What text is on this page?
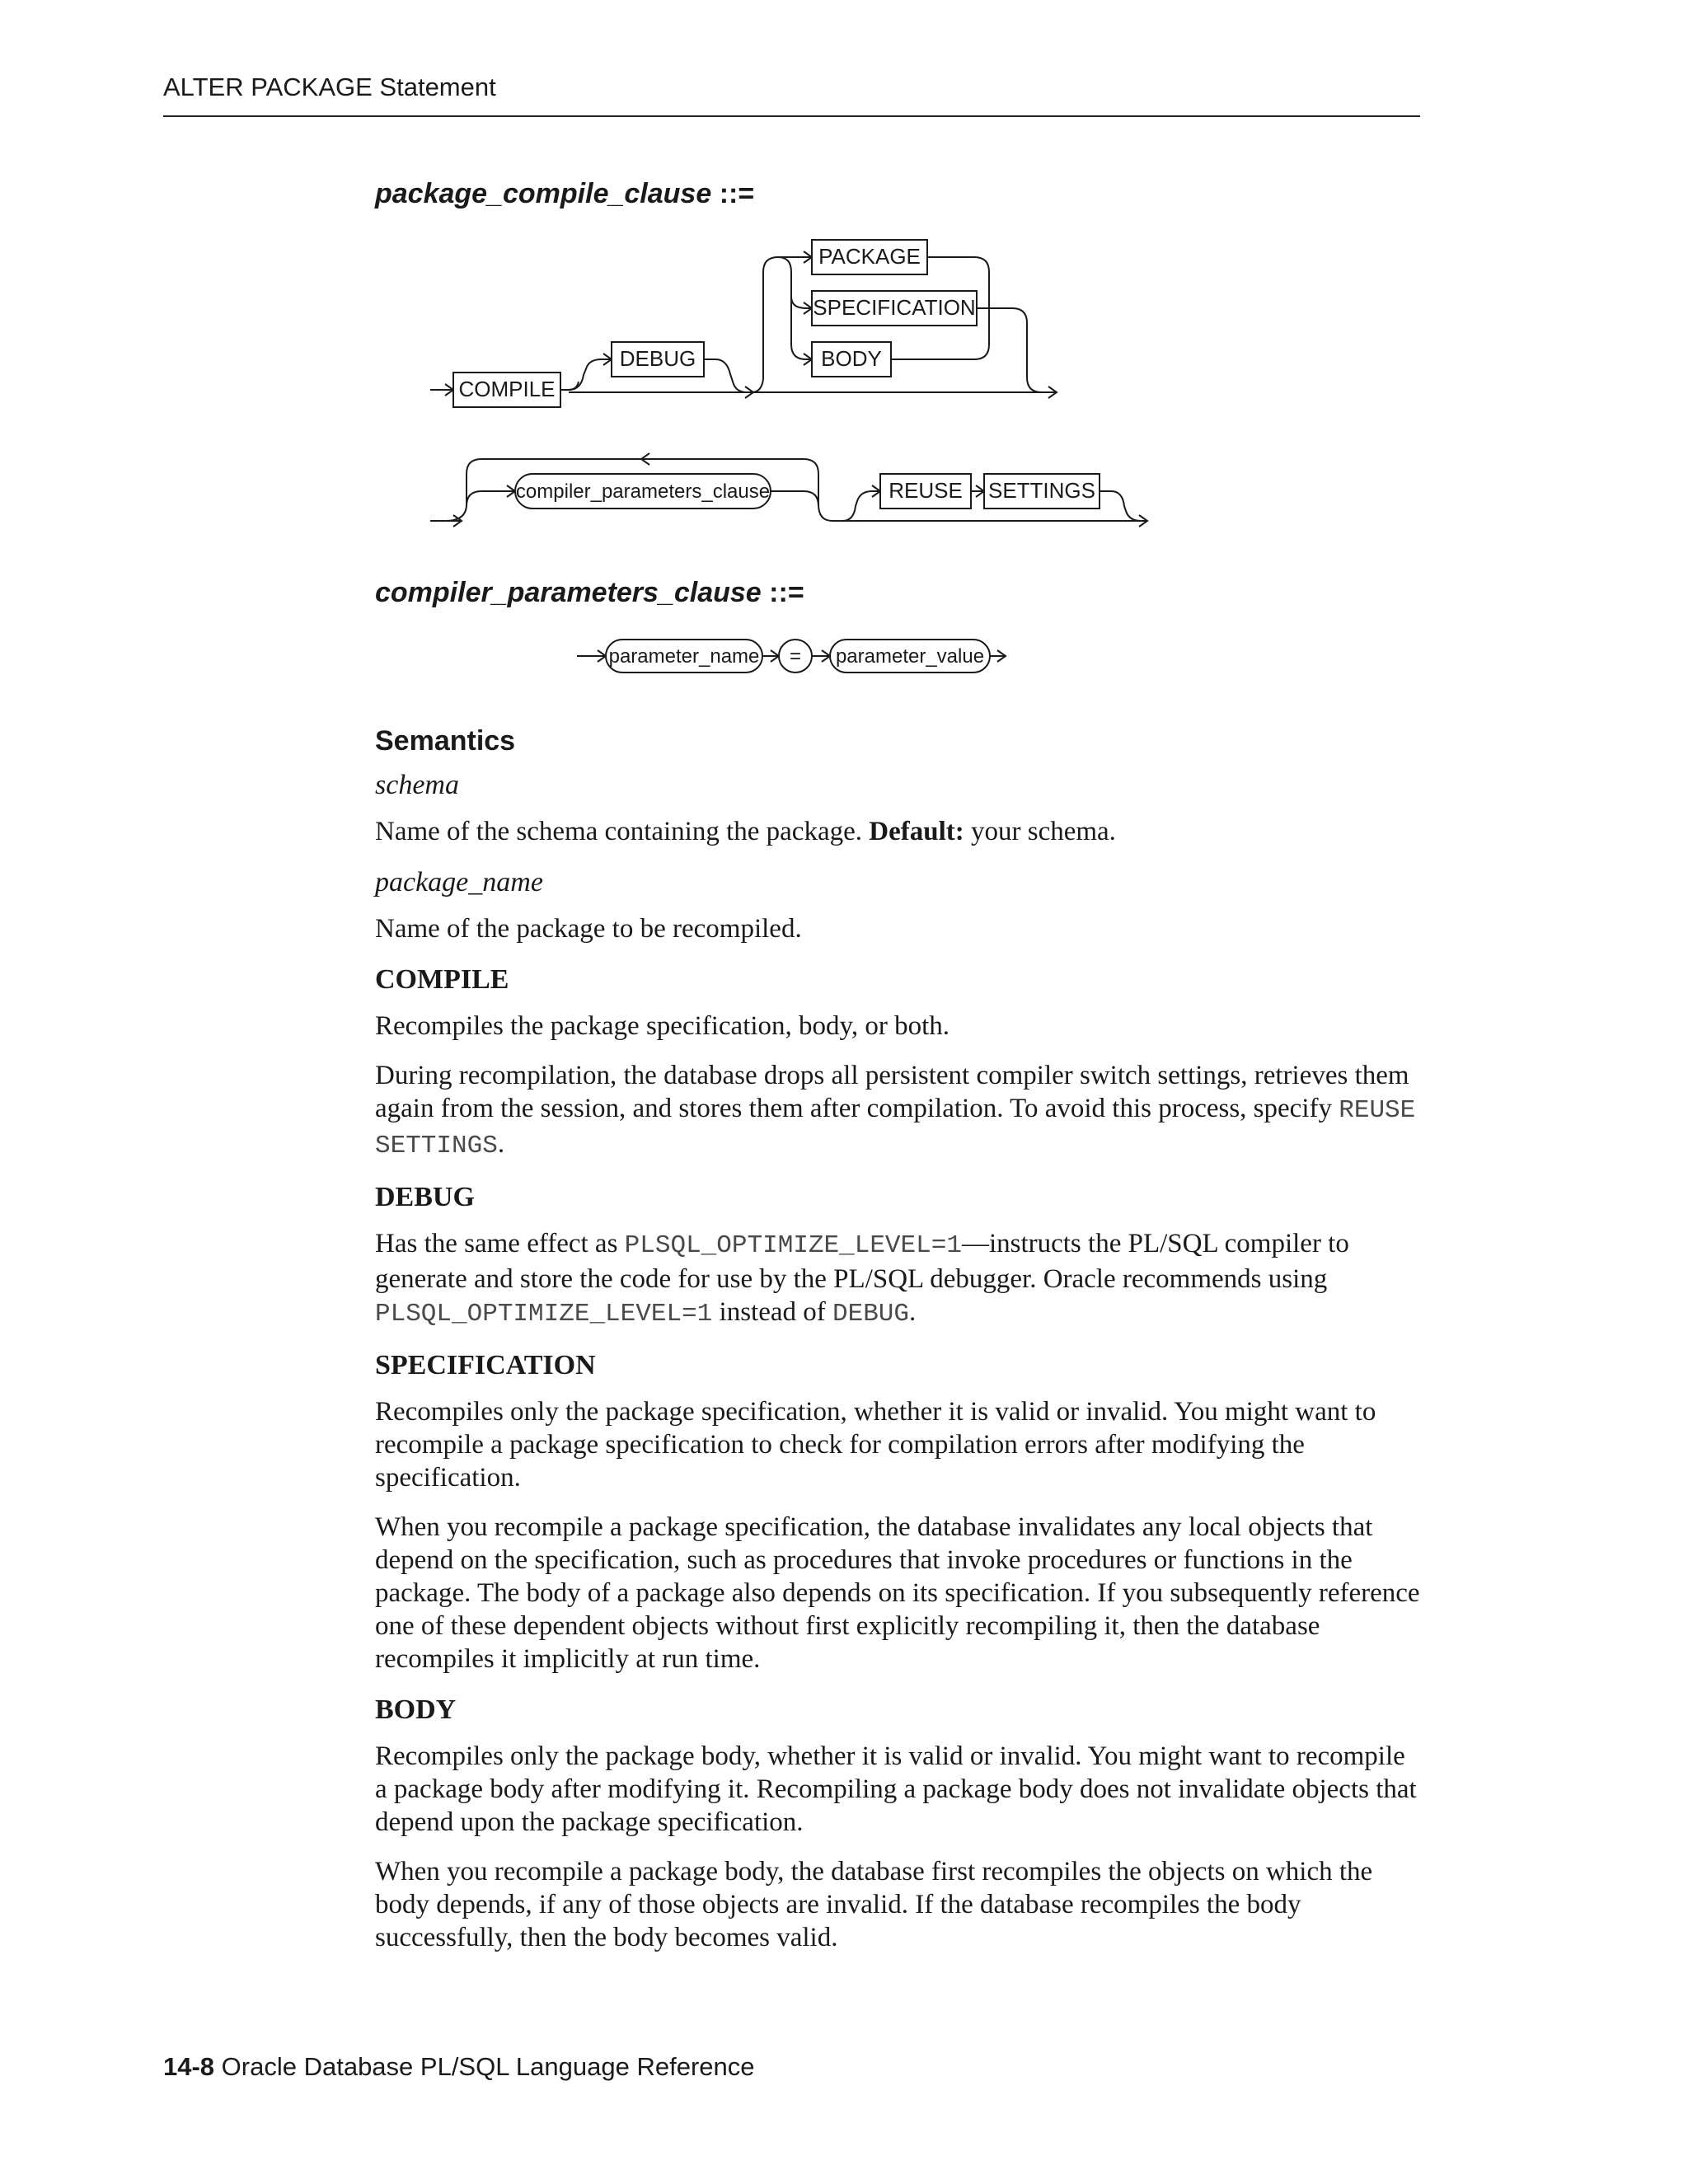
ALTER PACKAGE Statement
package_compile_clause ::=
COMPILE
DEBUG
PACKAGE
SPECIFICATION
BODY
compiler_parameters_clause	REUSE SETTINGS
compiler_parameters_clause ::=
parameter_name = parameter_value
Semantics
schema

Name of the schema containing the package. Default: your schema.

package_name

Name of the package to be recompiled.

COMPILE

Recompiles the package specification, body, or both.

During recompilation, the database drops all persistent compiler switch settings, retrieves them again from the session, and stores them after compilation. To avoid this process, specify REUSE SETTINGS.

DEBUG

Has the same effect as PLSQL_OPTIMIZE_LEVEL=1—instructs the PL/SQL compiler to generate and store the code for use by the PL/SQL debugger. Oracle recommends using PLSQL_OPTIMIZE_LEVEL=1 instead of DEBUG.

SPECIFICATION

Recompiles only the package specification, whether it is valid or invalid. You might want to recompile a package specification to check for compilation errors after modifying the specification.

When you recompile a package specification, the database invalidates any local objects that depend on the specification, such as procedures that invoke procedures or functions in the package. The body of a package also depends on its specification. If you subsequently reference one of these dependent objects without first explicitly recompiling it, then the database recompiles it implicitly at run time.

BODY

Recompiles only the package body, whether it is valid or invalid. You might want to recompile a package body after modifying it. Recompiling a package body does not invalidate objects that depend upon the package specification.

When you recompile a package body, the database first recompiles the objects on which the body depends, if any of those objects are invalid. If the database recompiles the body successfully, then the body becomes valid.

14-8 Oracle Database PL/SQL Language Reference
